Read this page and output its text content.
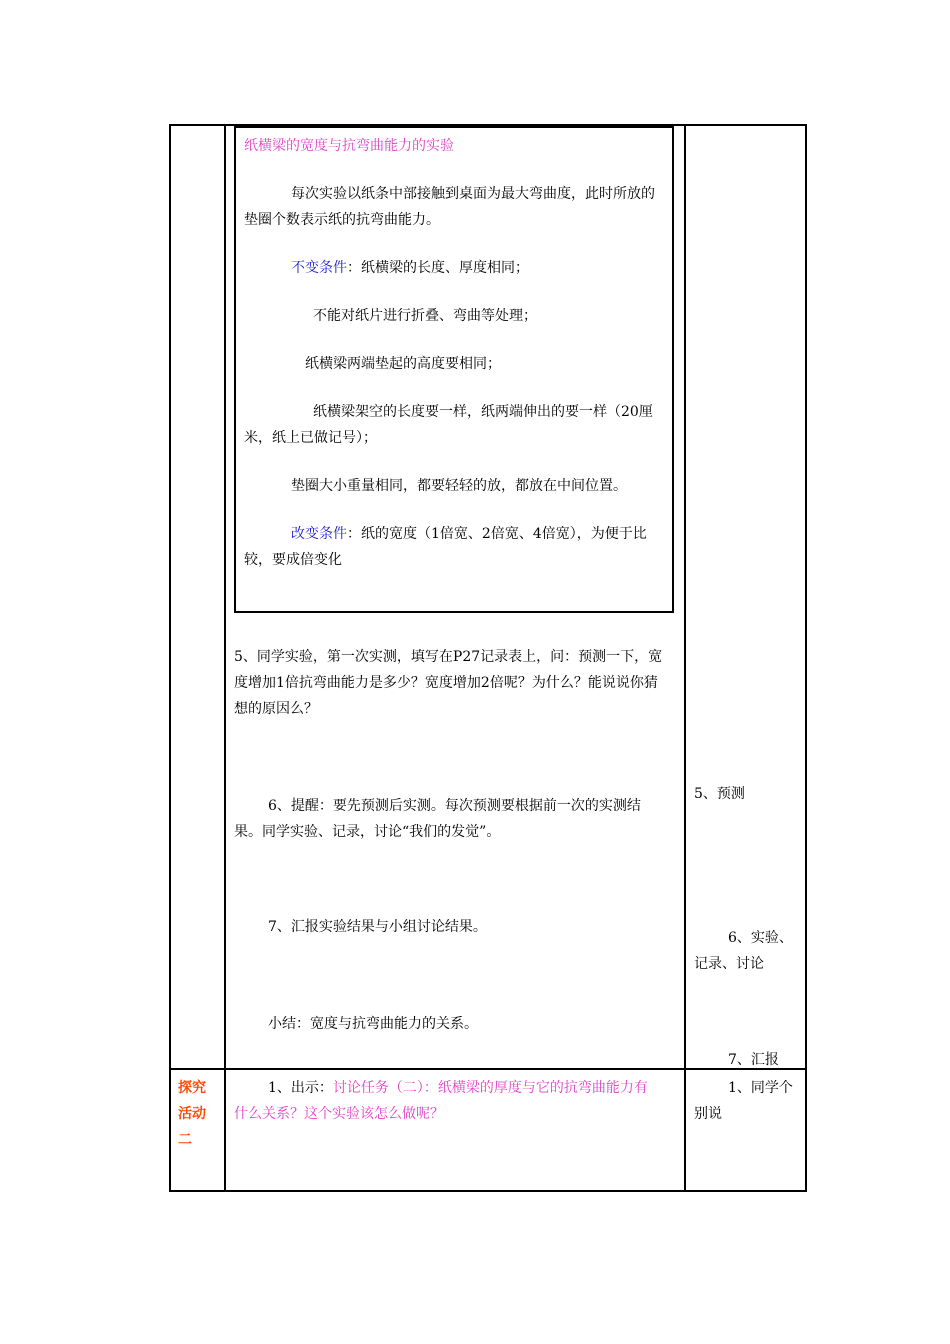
纸横梁的宽度与抗弯曲能力的实验
每次实验以纸条中部接触到桌面为最大弯曲度，此时所放的
垫圈个数表示纸的抗弯曲能力。
不变条件：纸横梁的长度、厚度相同；
不能对纸片进行折叠、弯曲等处理；
纸横梁两端垫起的高度要相同；
纸横梁架空的长度要一样，纸两端伸出的要一样（20厘
米，纸上已做记号）；
垫圈大小重量相同，都要轻轻的放，都放在中间位置。
改变条件：纸的宽度（1倍宽、2倍宽、4倍宽），为便于比
较，要成倍变化
5、同学实验，第一次实测，填写在P27记录表上，问：预测一下，宽
度增加1倍抗弯曲能力是多少？宽度增加2倍呢？为什么？能说说你猜
想的原因么？
6、提醒：要先预测后实测。每次预测要根据前一次的实测结
果。同学实验、记录，讨论“我们的发觉”。
7、汇报实验结果与小组讨论结果。
小结：宽度与抗弯曲能力的关系。
5、预测
6、实验、
记录、讨论
7、汇报
探究
活动
二
1、出示：讨论任务（二）：纸横梁的厚度与它的抗弯曲能力有
什么关系？这个实验该怎么做呢？
1、同学个
别说
